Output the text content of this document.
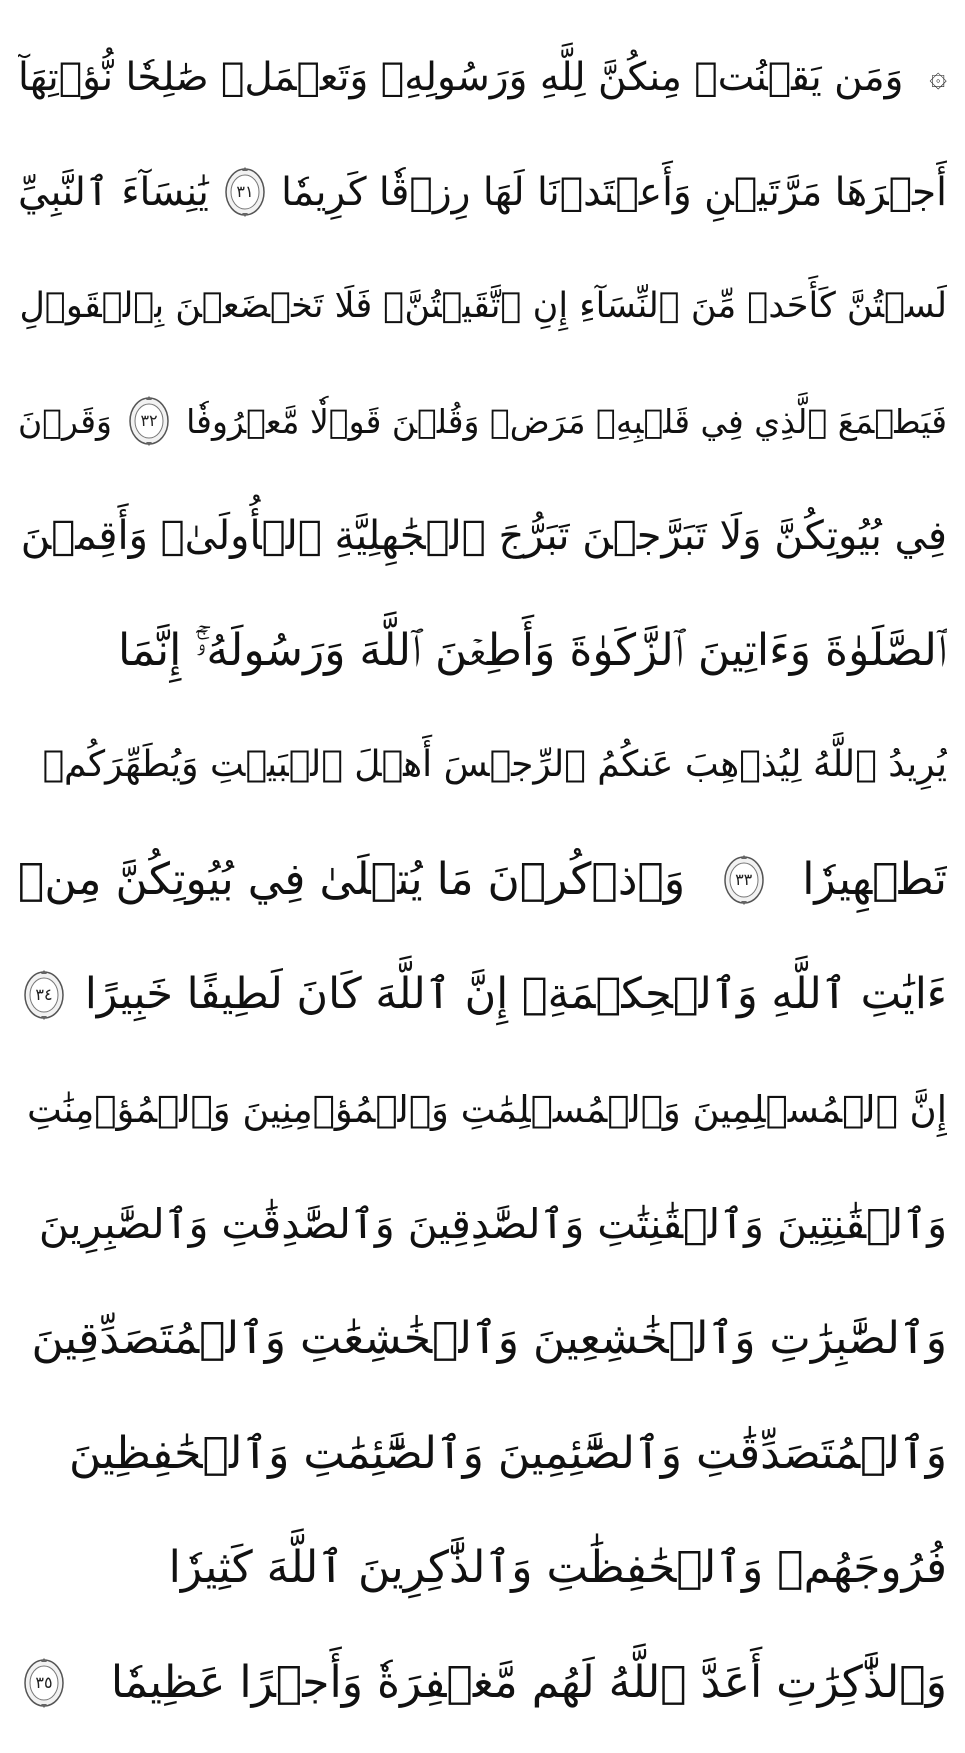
۞
وَمَن يَقۡنُتۡ مِنكُنَّ لِلَّهِ وَرَسُولِهِۦ وَتَعۡمَلۡ صَٰلِحٗا نُّؤۡتِهَآ
أَجۡرَهَا مَرَّتَيۡنِ وَأَعۡتَدۡنَا لَهَا رِزۡقٗا كَرِيمٗا
٣١
يَٰنِسَآءَ ٱلنَّبِيِّ
لَسۡتُنَّ كَأَحَدٖ مِّنَ ٱلنِّسَآءِ إِنِ ٱتَّقَيۡتُنَّۚ فَلَا تَخۡضَعۡنَ بِٱلۡقَوۡلِ
فَيَطۡمَعَ ٱلَّذِي فِي قَلۡبِهِۦ مَرَضٞ وَقُلۡنَ قَوۡلٗا مَّعۡرُوفٗا
٣٢
وَقَرۡنَ
فِي بُيُوتِكُنَّ وَلَا تَبَرَّجۡنَ تَبَرُّجَ ٱلۡجَٰهِلِيَّةِ ٱلۡأُولَىٰۖ وَأَقِمۡنَ
ٱلصَّلَوٰةَ وَءَاتِينَ ٱلزَّكَوٰةَ وَأَطِعۡنَ ٱللَّهَ وَرَسُولَهُۥٓۚ إِنَّمَا
يُرِيدُ ٱللَّهُ لِيُذۡهِبَ عَنكُمُ ٱلرِّجۡسَ أَهۡلَ ٱلۡبَيۡتِ وَيُطَهِّرَكُمۡ
تَطۡهِيرٗا
٣٣
وَٱذۡكُرۡنَ مَا يُتۡلَىٰ فِي بُيُوتِكُنَّ مِنۡ
ءَايَٰتِ ٱللَّهِ وَٱلۡحِكۡمَةِۚ إِنَّ ٱللَّهَ كَانَ لَطِيفًا خَبِيرًا
٣٤
إِنَّ ٱلۡمُسۡلِمِينَ وَٱلۡمُسۡلِمَٰتِ وَٱلۡمُؤۡمِنِينَ وَٱلۡمُؤۡمِنَٰتِ
وَٱلۡقَٰنِتِينَ وَٱلۡقَٰنِتَٰتِ وَٱلصَّٰدِقِينَ وَٱلصَّٰدِقَٰتِ وَٱلصَّٰبِرِينَ
وَٱلصَّٰبِرَٰتِ وَٱلۡخَٰشِعِينَ وَٱلۡخَٰشِعَٰتِ وَٱلۡمُتَصَدِّقِينَ
وَٱلۡمُتَصَدِّقَٰتِ وَٱلصَّٰٓئِمِينَ وَٱلصَّٰٓئِمَٰتِ وَٱلۡحَٰفِظِينَ
فُرُوجَهُمۡ وَٱلۡحَٰفِظَٰتِ وَٱلذَّٰكِرِينَ ٱللَّهَ كَثِيرٗا
وَٱلذَّٰكِرَٰتِ أَعَدَّ ٱللَّهُ لَهُم مَّغۡفِرَةٗ وَأَجۡرًا عَظِيمٗا
٣٥
